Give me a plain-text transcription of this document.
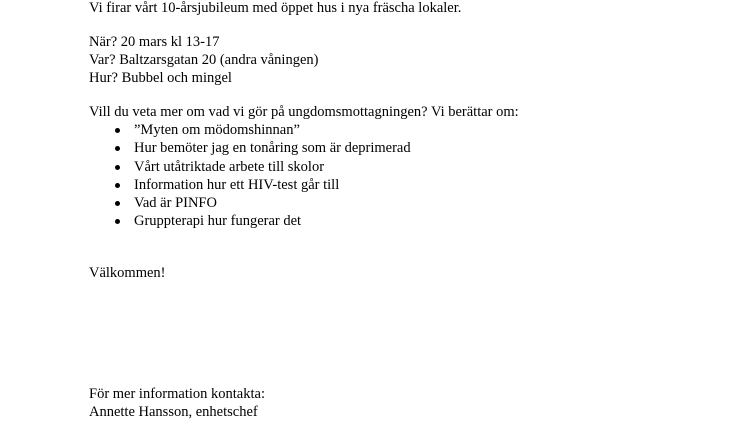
Vi firar vårt 10-årsjubileum med öppet hus i nya fräscha lokaler.
När? 20 mars kl 13-17
Var? Baltzarsgatan 20 (andra våningen)
Hur? Bubbel och mingel
Vill du veta mer om vad vi gör på ungdomsmottagningen? Vi berättar om:
”Myten om mödomshinnan”
Hur bemöter jag en tonåring som är deprimerad
Vårt utåtriktade arbete till skolor
Information hur ett HIV-test går till
Vad är PINFO
Gruppterapi hur fungerar det
Välkommen!
För mer information kontakta:
Annette Hansson, enhetschef
